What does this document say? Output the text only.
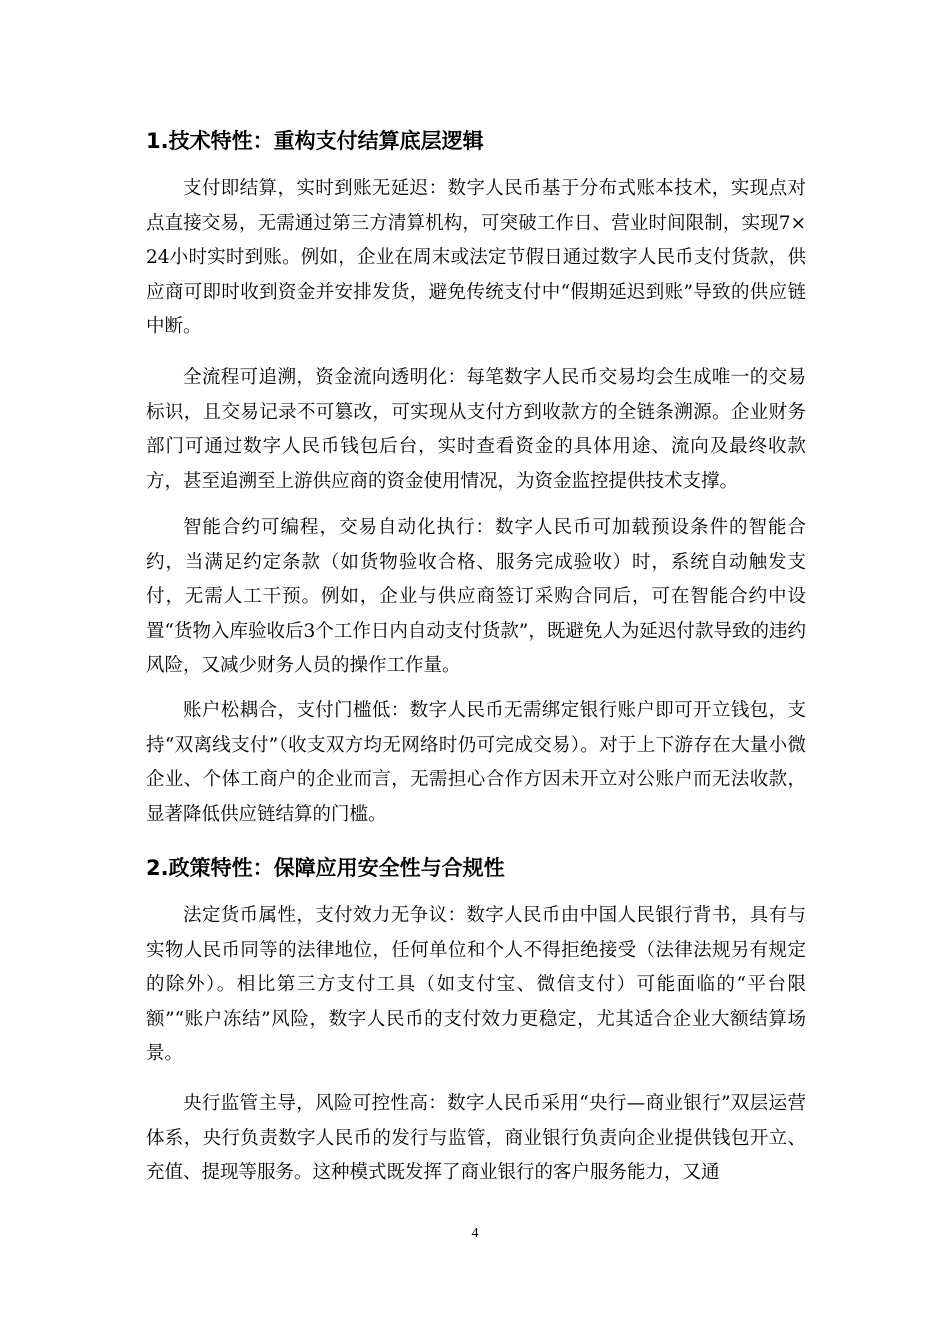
1.技术特性：重构支付结算底层逻辑

支付即结算，实时到账无延迟：数字人民币基于分布式账本技术，实现点对点直接交易，无需通过第三方清算机构，可突破工作日、营业时间限制，实现7×24小时实时到账。例如，企业在周末或法定节假日通过数字人民币支付货款，供应商可即时收到资金并安排发货，避免传统支付中“假期延迟到账”导致的供应链中断。

全流程可追溯，资金流向透明化：每笔数字人民币交易均会生成唯一的交易标识，且交易记录不可篡改，可实现从支付方到收款方的全链条溯源。企业财务部门可通过数字人民币钱包后台，实时查看资金的具体用途、流向及最终收款方，甚至追溯至上游供应商的资金使用情况，为资金监控提供技术支撑。

智能合约可编程，交易自动化执行：数字人民币可加载预设条件的智能合约，当满足约定条款（如货物验收合格、服务完成验收）时，系统自动触发支付，无需人工干预。例如，企业与供应商签订采购合同后，可在智能合约中设置“货物入库验收后3个工作日内自动支付货款”，既避免人为延迟付款导致的违约风险，又减少财务人员的操作工作量。

账户松耦合，支付门槛低：数字人民币无需绑定银行账户即可开立钱包，支持“双离线支付”（收支双方均无网络时仍可完成交易）。对于上下游存在大量小微企业、个体工商户的企业而言，无需担心合作方因未开立对公账户而无法收款，显著降低供应链结算的门槛。

2.政策特性：保障应用安全性与合规性

法定货币属性，支付效力无争议：数字人民币由中国人民银行背书，具有与实物人民币同等的法律地位，任何单位和个人不得拒绝接受（法律法规另有规定的除外）。相比第三方支付工具（如支付宝、微信支付）可能面临的“平台限额”“账户冻结”风险，数字人民币的支付效力更稳定，尤其适合企业大额结算场景。

央行监管主导，风险可控性高：数字人民币采用“央行—商业银行”双层运营体系，央行负责数字人民币的发行与监管，商业银行负责向企业提供钱包开立、充值、提现等服务。这种模式既发挥了商业银行的客户服务能力，又通

4
